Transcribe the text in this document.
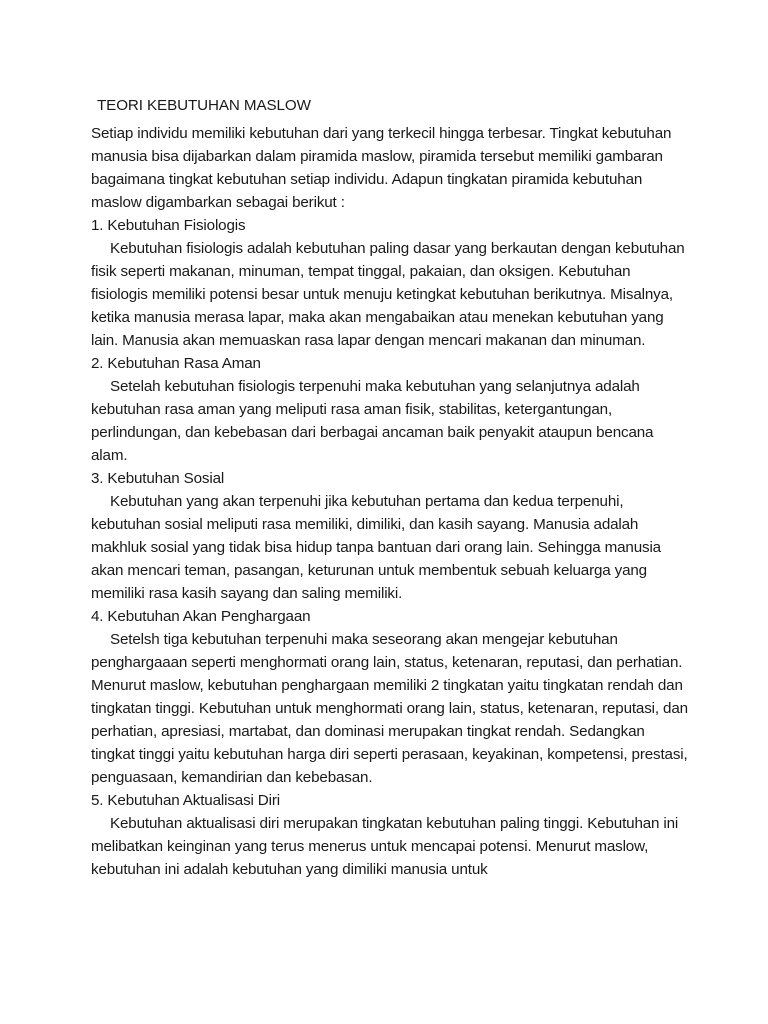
TEORI KEBUTUHAN MASLOW

Setiap individu memiliki kebutuhan dari yang terkecil hingga terbesar. Tingkat kebutuhan manusia bisa dijabarkan dalam piramida maslow, piramida tersebut memiliki gambaran bagaimana tingkat kebutuhan setiap individu. Adapun tingkatan piramida kebutuhan maslow digambarkan sebagai berikut :

1. Kebutuhan Fisiologis

Kebutuhan fisiologis adalah kebutuhan paling dasar yang berkautan dengan kebutuhan fisik seperti makanan, minuman, tempat tinggal, pakaian, dan oksigen. Kebutuhan fisiologis memiliki potensi besar untuk menuju ketingkat kebutuhan berikutnya. Misalnya, ketika manusia merasa lapar, maka akan mengabaikan atau menekan kebutuhan yang lain. Manusia akan memuaskan rasa lapar dengan mencari makanan dan minuman.

2. Kebutuhan Rasa Aman

Setelah kebutuhan fisiologis terpenuhi maka kebutuhan yang selanjutnya adalah kebutuhan rasa aman yang meliputi rasa aman fisik, stabilitas, ketergantungan, perlindungan, dan kebebasan dari berbagai ancaman baik penyakit ataupun bencana alam.

3. Kebutuhan Sosial

Kebutuhan yang akan terpenuhi jika kebutuhan pertama dan kedua terpenuhi, kebutuhan sosial meliputi rasa memiliki, dimiliki, dan kasih sayang. Manusia adalah makhluk sosial yang tidak bisa hidup tanpa bantuan dari orang lain. Sehingga manusia akan mencari teman, pasangan, keturunan untuk membentuk sebuah keluarga yang memiliki rasa kasih sayang dan saling memiliki.

4. Kebutuhan Akan Penghargaan

Setelsh tiga kebutuhan terpenuhi maka seseorang akan mengejar kebutuhan penghargaaan seperti menghormati orang lain, status, ketenaran, reputasi, dan perhatian. Menurut maslow, kebutuhan penghargaan memiliki 2 tingkatan yaitu tingkatan rendah dan tingkatan tinggi. Kebutuhan untuk menghormati orang lain, status, ketenaran, reputasi, dan perhatian, apresiasi, martabat, dan dominasi merupakan tingkat rendah. Sedangkan tingkat tinggi yaitu kebutuhan harga diri seperti perasaan, keyakinan, kompetensi, prestasi, penguasaan, kemandirian dan kebebasan.

5. Kebutuhan Aktualisasi Diri

Kebutuhan aktualisasi diri merupakan tingkatan kebutuhan paling tinggi. Kebutuhan ini melibatkan keinginan yang terus menerus untuk mencapai potensi. Menurut maslow, kebutuhan ini adalah kebutuhan yang dimiliki manusia untuk
